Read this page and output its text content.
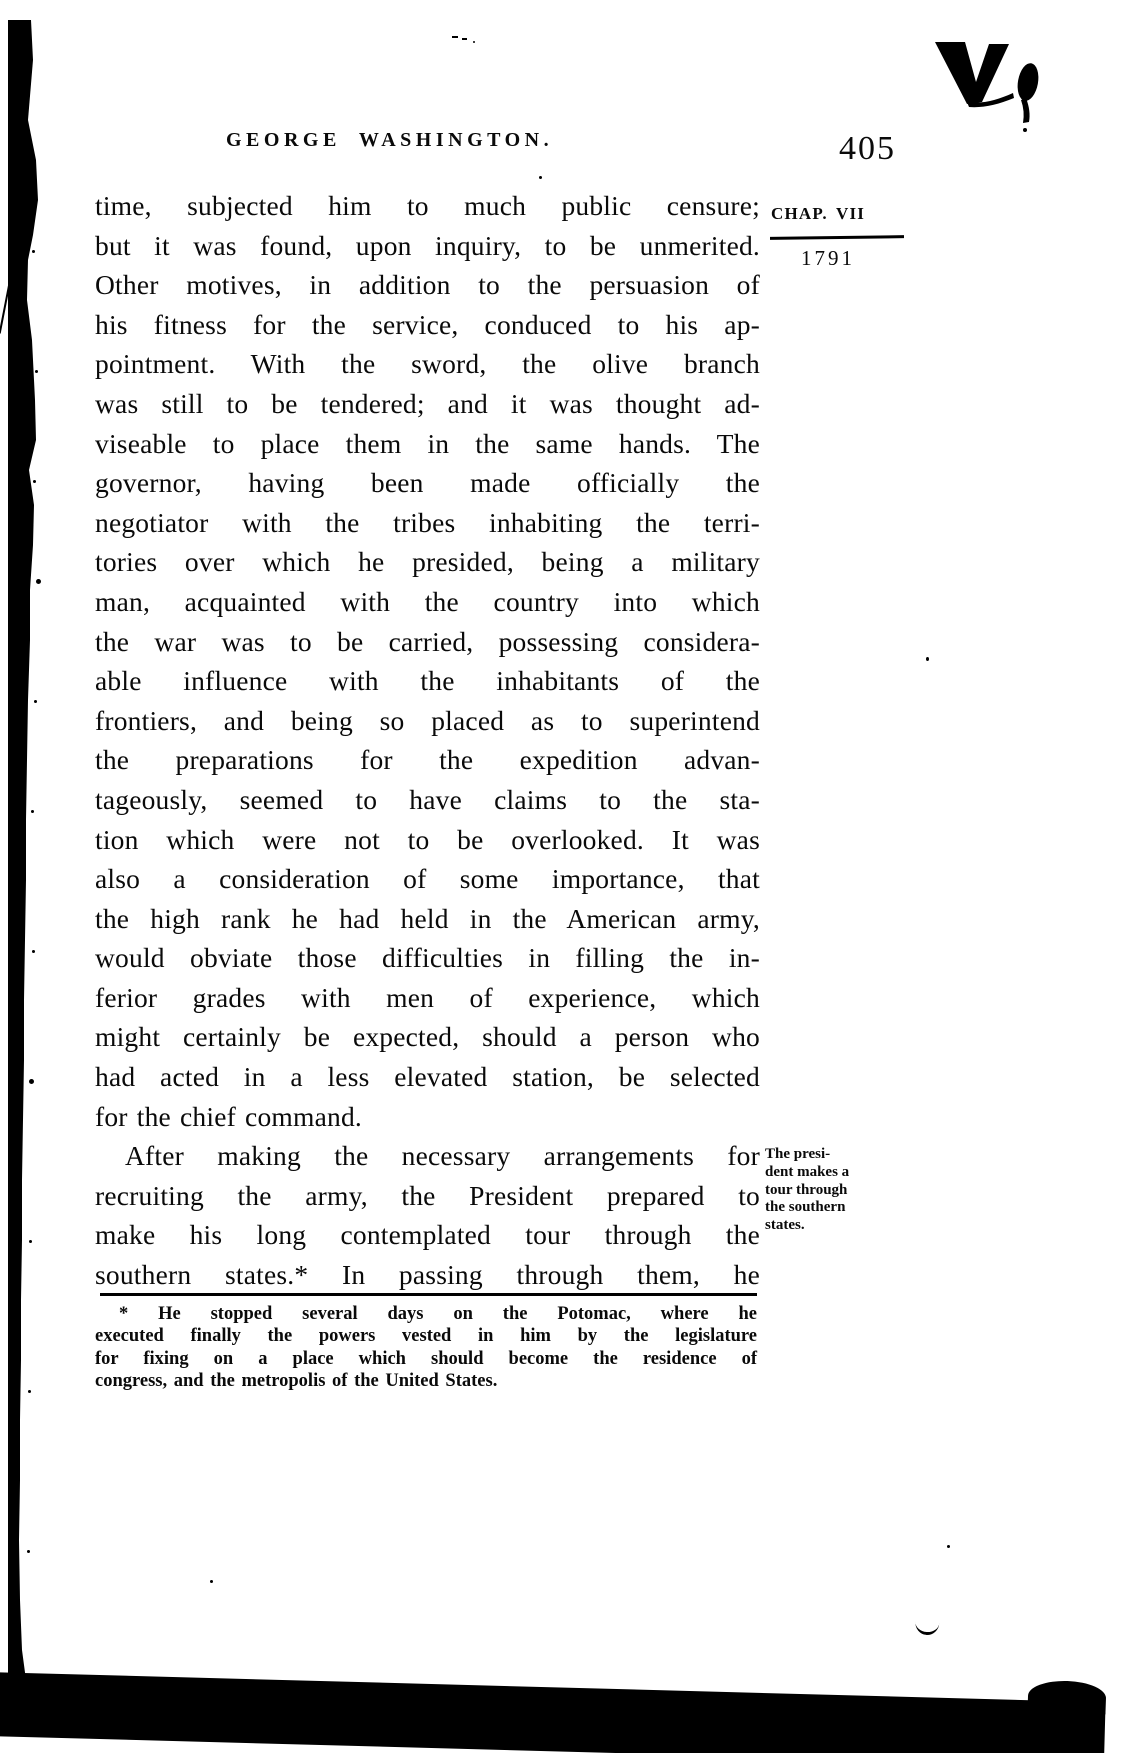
GEORGE WASHINGTON.	405
CHAP. VII
1791
time, subjected him to much public censure;
but it was found, upon inquiry, to be unmerited.
Other motives, in addition to the persuasion of
his fitness for the service, conduced to his ap-
pointment. With the sword, the olive branch
was still to be tendered; and it was thought ad-
viseable to place them in the same hands. The
governor, having been made officially the
negotiator with the tribes inhabiting the terri-
tories over which he presided, being a military
man, acquainted with the country into which
the war was to be carried, possessing considera-
able influence with the inhabitants of the
frontiers, and being so placed as to superintend
the preparations for the expedition advan-
tageously, seemed to have claims to the sta-
tion which were not to be overlooked. It was
also a consideration of some importance, that
the high rank he had held in the American army,
would obviate those difficulties in filling the in-
ferior grades with men of experience, which
might certainly be expected, should a person who
had acted in a less elevated station, be selected
for the chief command.
After making the necessary arrangements for
recruiting the army, the President prepared to
make his long contemplated tour through the
southern states.* In passing through them, he
The presi-
dent makes a
tour through
the southern
states.
* He stopped several days on the Potomac, where he
executed finally the powers vested in him by the legislature
for fixing on a place which should become the residence of
congress, and the metropolis of the United States.
